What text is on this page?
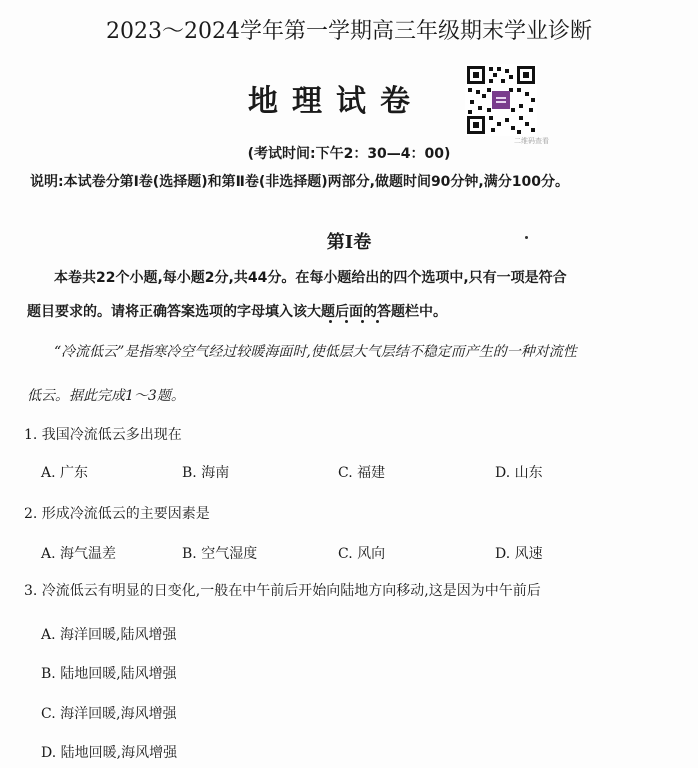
2023～2024学年第一学期高三年级期末学业诊断
地理试卷
二维码查看
(考试时间:下午2：30—4：00)
说明:本试卷分第Ⅰ卷(选择题)和第Ⅱ卷(非选择题)两部分,做题时间90分钟,满分100分。
第Ⅰ卷
本卷共22个小题,每小题2分,共44分。在每小题给出的四个选项中,只有一项是符合
题目要求的。请将正确答案选项的字母填入该大题后面的答题栏中。
“冷流低云”是指寒冷空气经过较暖海面时,使低层大气层结不稳定而产生的一种对流性
低云。据此完成1～3题。
1. 我国冷流低云多出现在
A. 广东	B. 海南	C. 福建	D. 山东
2. 形成冷流低云的主要因素是
A. 海气温差	B. 空气湿度	C. 风向	D. 风速
3. 冷流低云有明显的日变化,一般在中午前后开始向陆地方向移动,这是因为中午前后
A. 海洋回暖,陆风增强
B. 陆地回暖,陆风增强
C. 海洋回暖,海风增强
D. 陆地回暖,海风增强
